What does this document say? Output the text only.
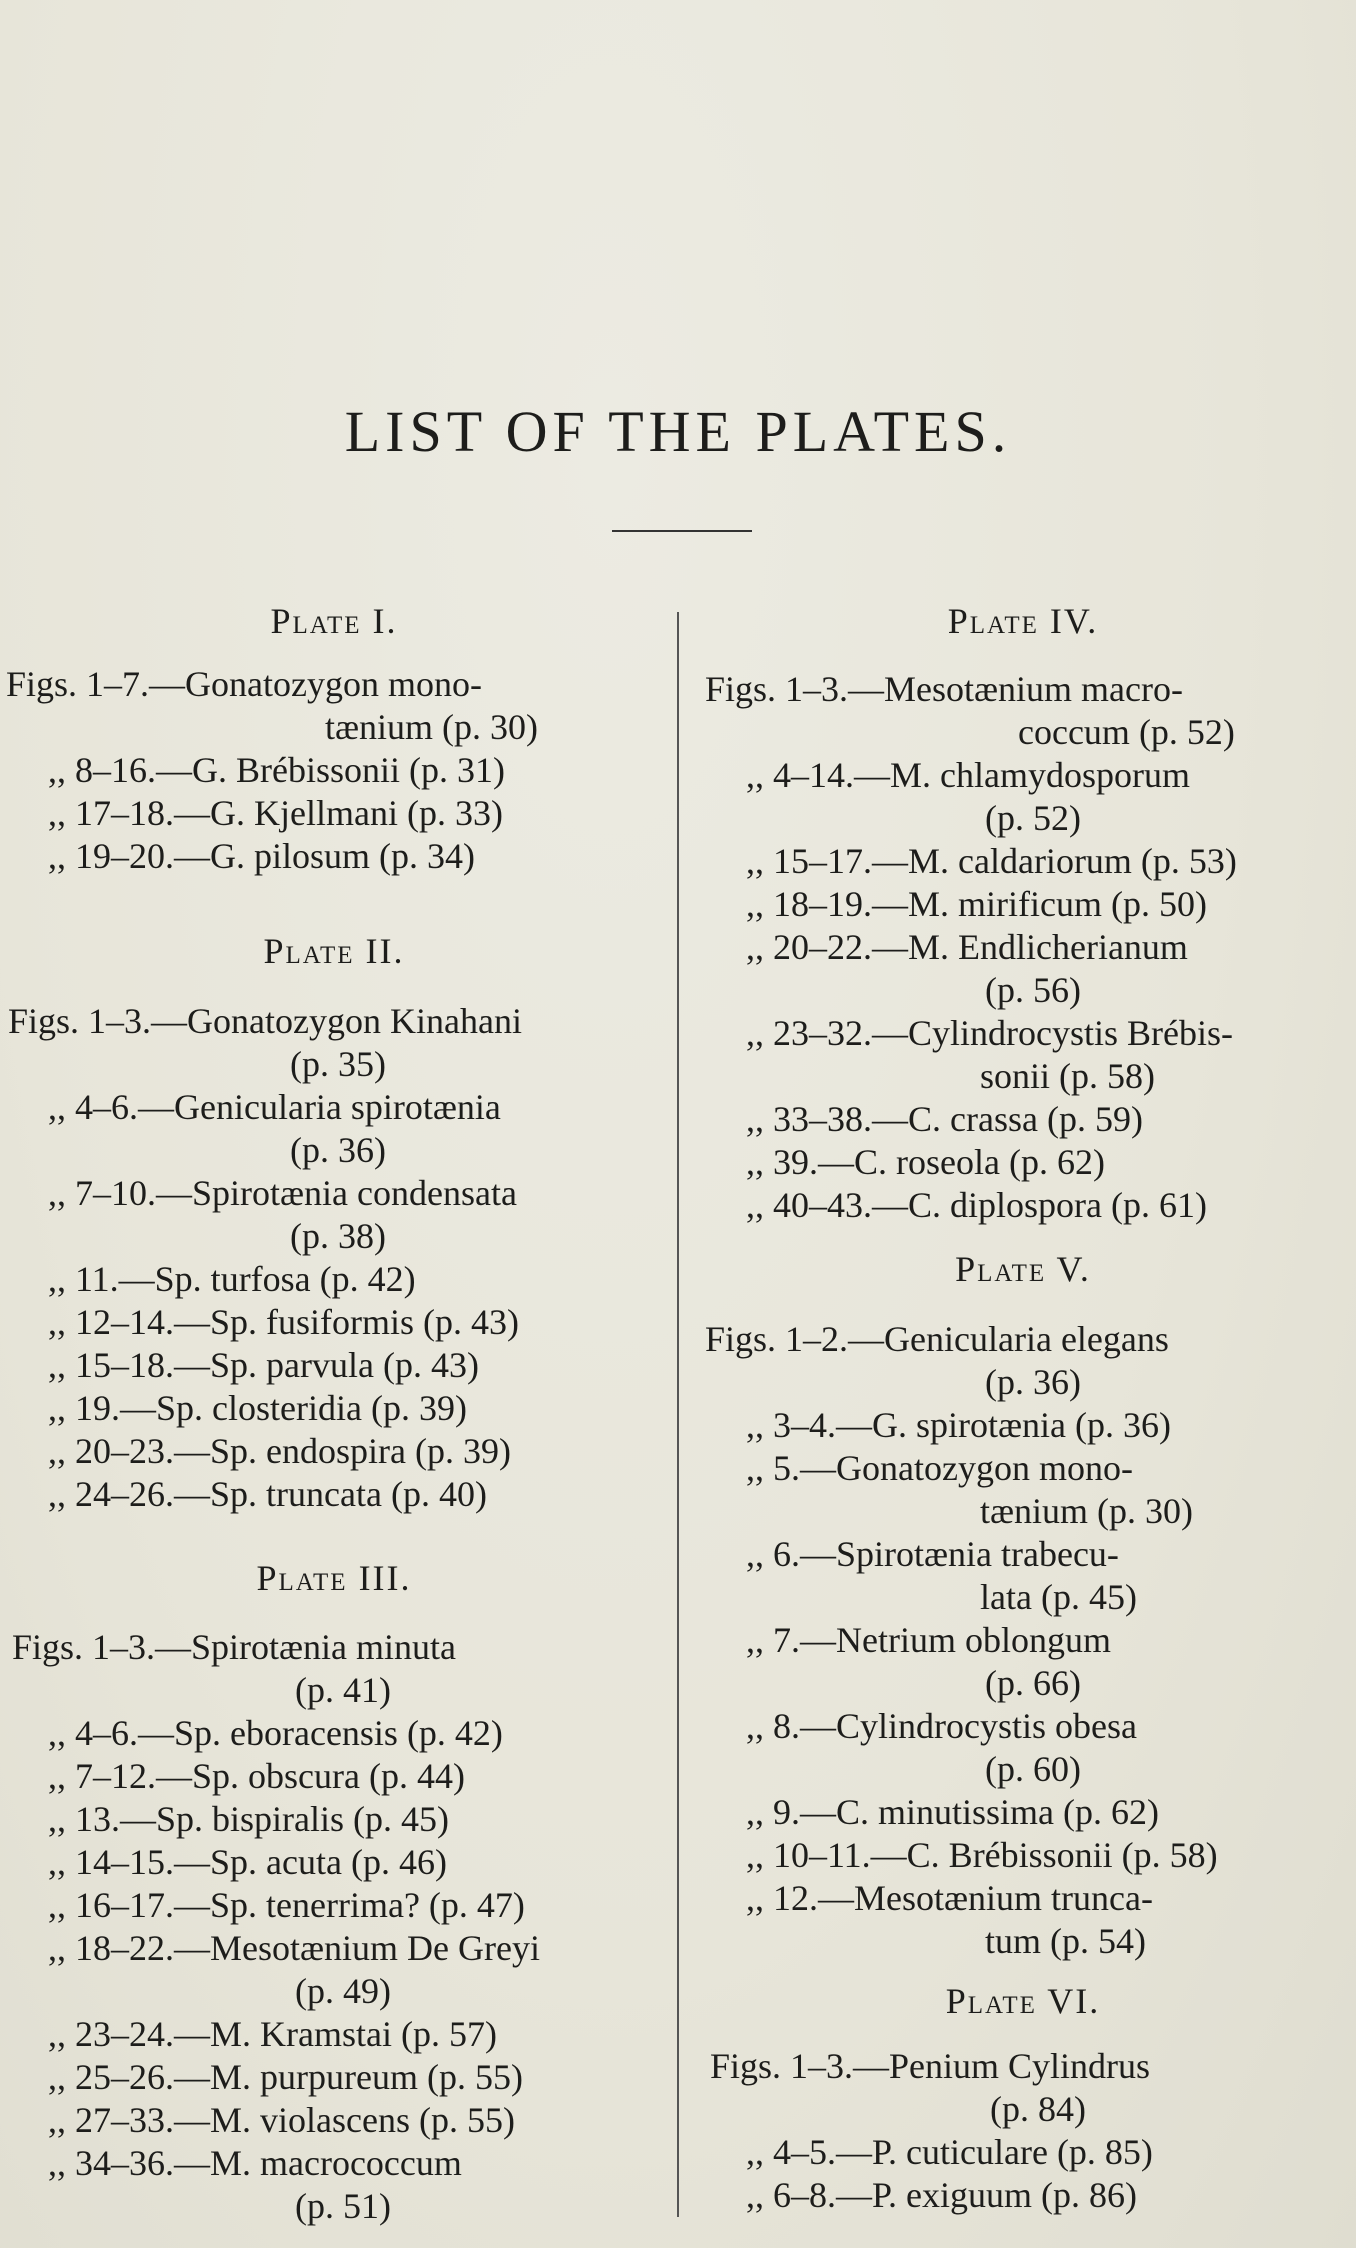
LIST OF THE PLATES.
Plate I.
Figs. 1–7.—Gonatozygon mono-
tænium (p. 30)
,, 8–16.—G. Brébissonii (p. 31)
,, 17–18.—G. Kjellmani (p. 33)
,, 19–20.—G. pilosum (p. 34)
Plate II.
Figs. 1–3.—Gonatozygon Kinahani
(p. 35)
,, 4–6.—Genicularia spirotænia
(p. 36)
,, 7–10.—Spirotænia condensata
(p. 38)
,, 11.—Sp. turfosa (p. 42)
,, 12–14.—Sp. fusiformis (p. 43)
,, 15–18.—Sp. parvula (p. 43)
,, 19.—Sp. closteridia (p. 39)
,, 20–23.—Sp. endospira (p. 39)
,, 24–26.—Sp. truncata (p. 40)
Plate III.
Figs. 1–3.—Spirotænia minuta
(p. 41)
,, 4–6.—Sp. eboracensis (p. 42)
,, 7–12.—Sp. obscura (p. 44)
,, 13.—Sp. bispiralis (p. 45)
,, 14–15.—Sp. acuta (p. 46)
,, 16–17.—Sp. tenerrima? (p. 47)
,, 18–22.—Mesotænium De Greyi
(p. 49)
,, 23–24.—M. Kramstai (p. 57)
,, 25–26.—M. purpureum (p. 55)
,, 27–33.—M. violascens (p. 55)
,, 34–36.—M. macrococcum
(p. 51)
Plate IV.
Figs. 1–3.—Mesotænium macro-
coccum (p. 52)
,, 4–14.—M. chlamydosporum
(p. 52)
,, 15–17.—M. caldariorum (p. 53)
,, 18–19.—M. mirificum (p. 50)
,, 20–22.—M. Endlicherianum
(p. 56)
,, 23–32.—Cylindrocystis Brébis-
sonii (p. 58)
,, 33–38.—C. crassa (p. 59)
,, 39.—C. roseola (p. 62)
,, 40–43.—C. diplospora (p. 61)
Plate V.
Figs. 1–2.—Genicularia elegans
(p. 36)
,, 3–4.—G. spirotænia (p. 36)
,, 5.—Gonatozygon mono-
tænium (p. 30)
,, 6.—Spirotænia trabecu-
lata (p. 45)
,, 7.—Netrium oblongum
(p. 66)
,, 8.—Cylindrocystis obesa
(p. 60)
,, 9.—C. minutissima (p. 62)
,, 10–11.—C. Brébissonii (p. 58)
,, 12.—Mesotænium trunca-
tum (p. 54)
Plate VI.
Figs. 1–3.—Penium Cylindrus
(p. 84)
,, 4–5.—P. cuticulare (p. 85)
,, 6–8.—P. exiguum (p. 86)
